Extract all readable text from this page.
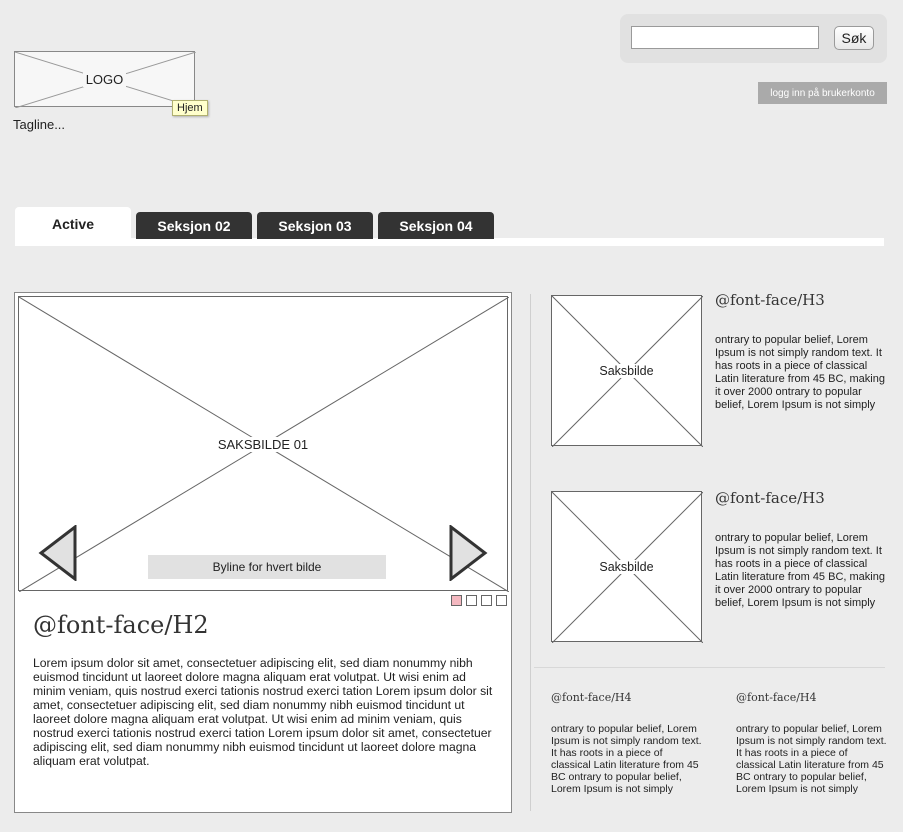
Søk
logg inn på brukerkonto
LOGO
Hjem
Tagline...
Active	Seksjon 02	Seksjon 03	Seksjon 04
SAKSBILDE 01
Byline for hvert bilde
@font-face/H2
Lorem ipsum dolor sit amet, consectetuer adipiscing elit, sed diam nonummy nibh euismod tincidunt ut laoreet dolore magna aliquam erat volutpat. Ut wisi enim ad minim veniam, quis nostrud exerci tationis nostrud exerci tation Lorem ipsum dolor sit amet, consectetuer adipiscing elit, sed diam nonummy nibh euismod tincidunt ut laoreet dolore magna aliquam erat volutpat. Ut wisi enim ad minim veniam, quis nostrud exerci tationis nostrud exerci tation Lorem ipsum dolor sit amet, consectetuer adipiscing elit, sed diam nonummy nibh euismod tincidunt ut laoreet dolore magna aliquam erat volutpat.
Saksbilde
@font-face/H3
ontrary to popular belief, Lorem Ipsum is not simply random text. It has roots in a piece of classical Latin literature from 45 BC, making it over 2000 ontrary to popular belief, Lorem Ipsum is not simply
Saksbilde
@font-face/H3
ontrary to popular belief, Lorem Ipsum is not simply random text. It has roots in a piece of classical Latin literature from 45 BC, making it over 2000 ontrary to popular belief, Lorem Ipsum is not simply
@font-face/H4
ontrary to popular belief, Lorem Ipsum is not simply random text. It has roots in a piece of classical Latin literature from 45 BC ontrary to popular belief, Lorem Ipsum is not simply
@font-face/H4
ontrary to popular belief, Lorem Ipsum is not simply random text. It has roots in a piece of classical Latin literature from 45 BC ontrary to popular belief, Lorem Ipsum is not simply
